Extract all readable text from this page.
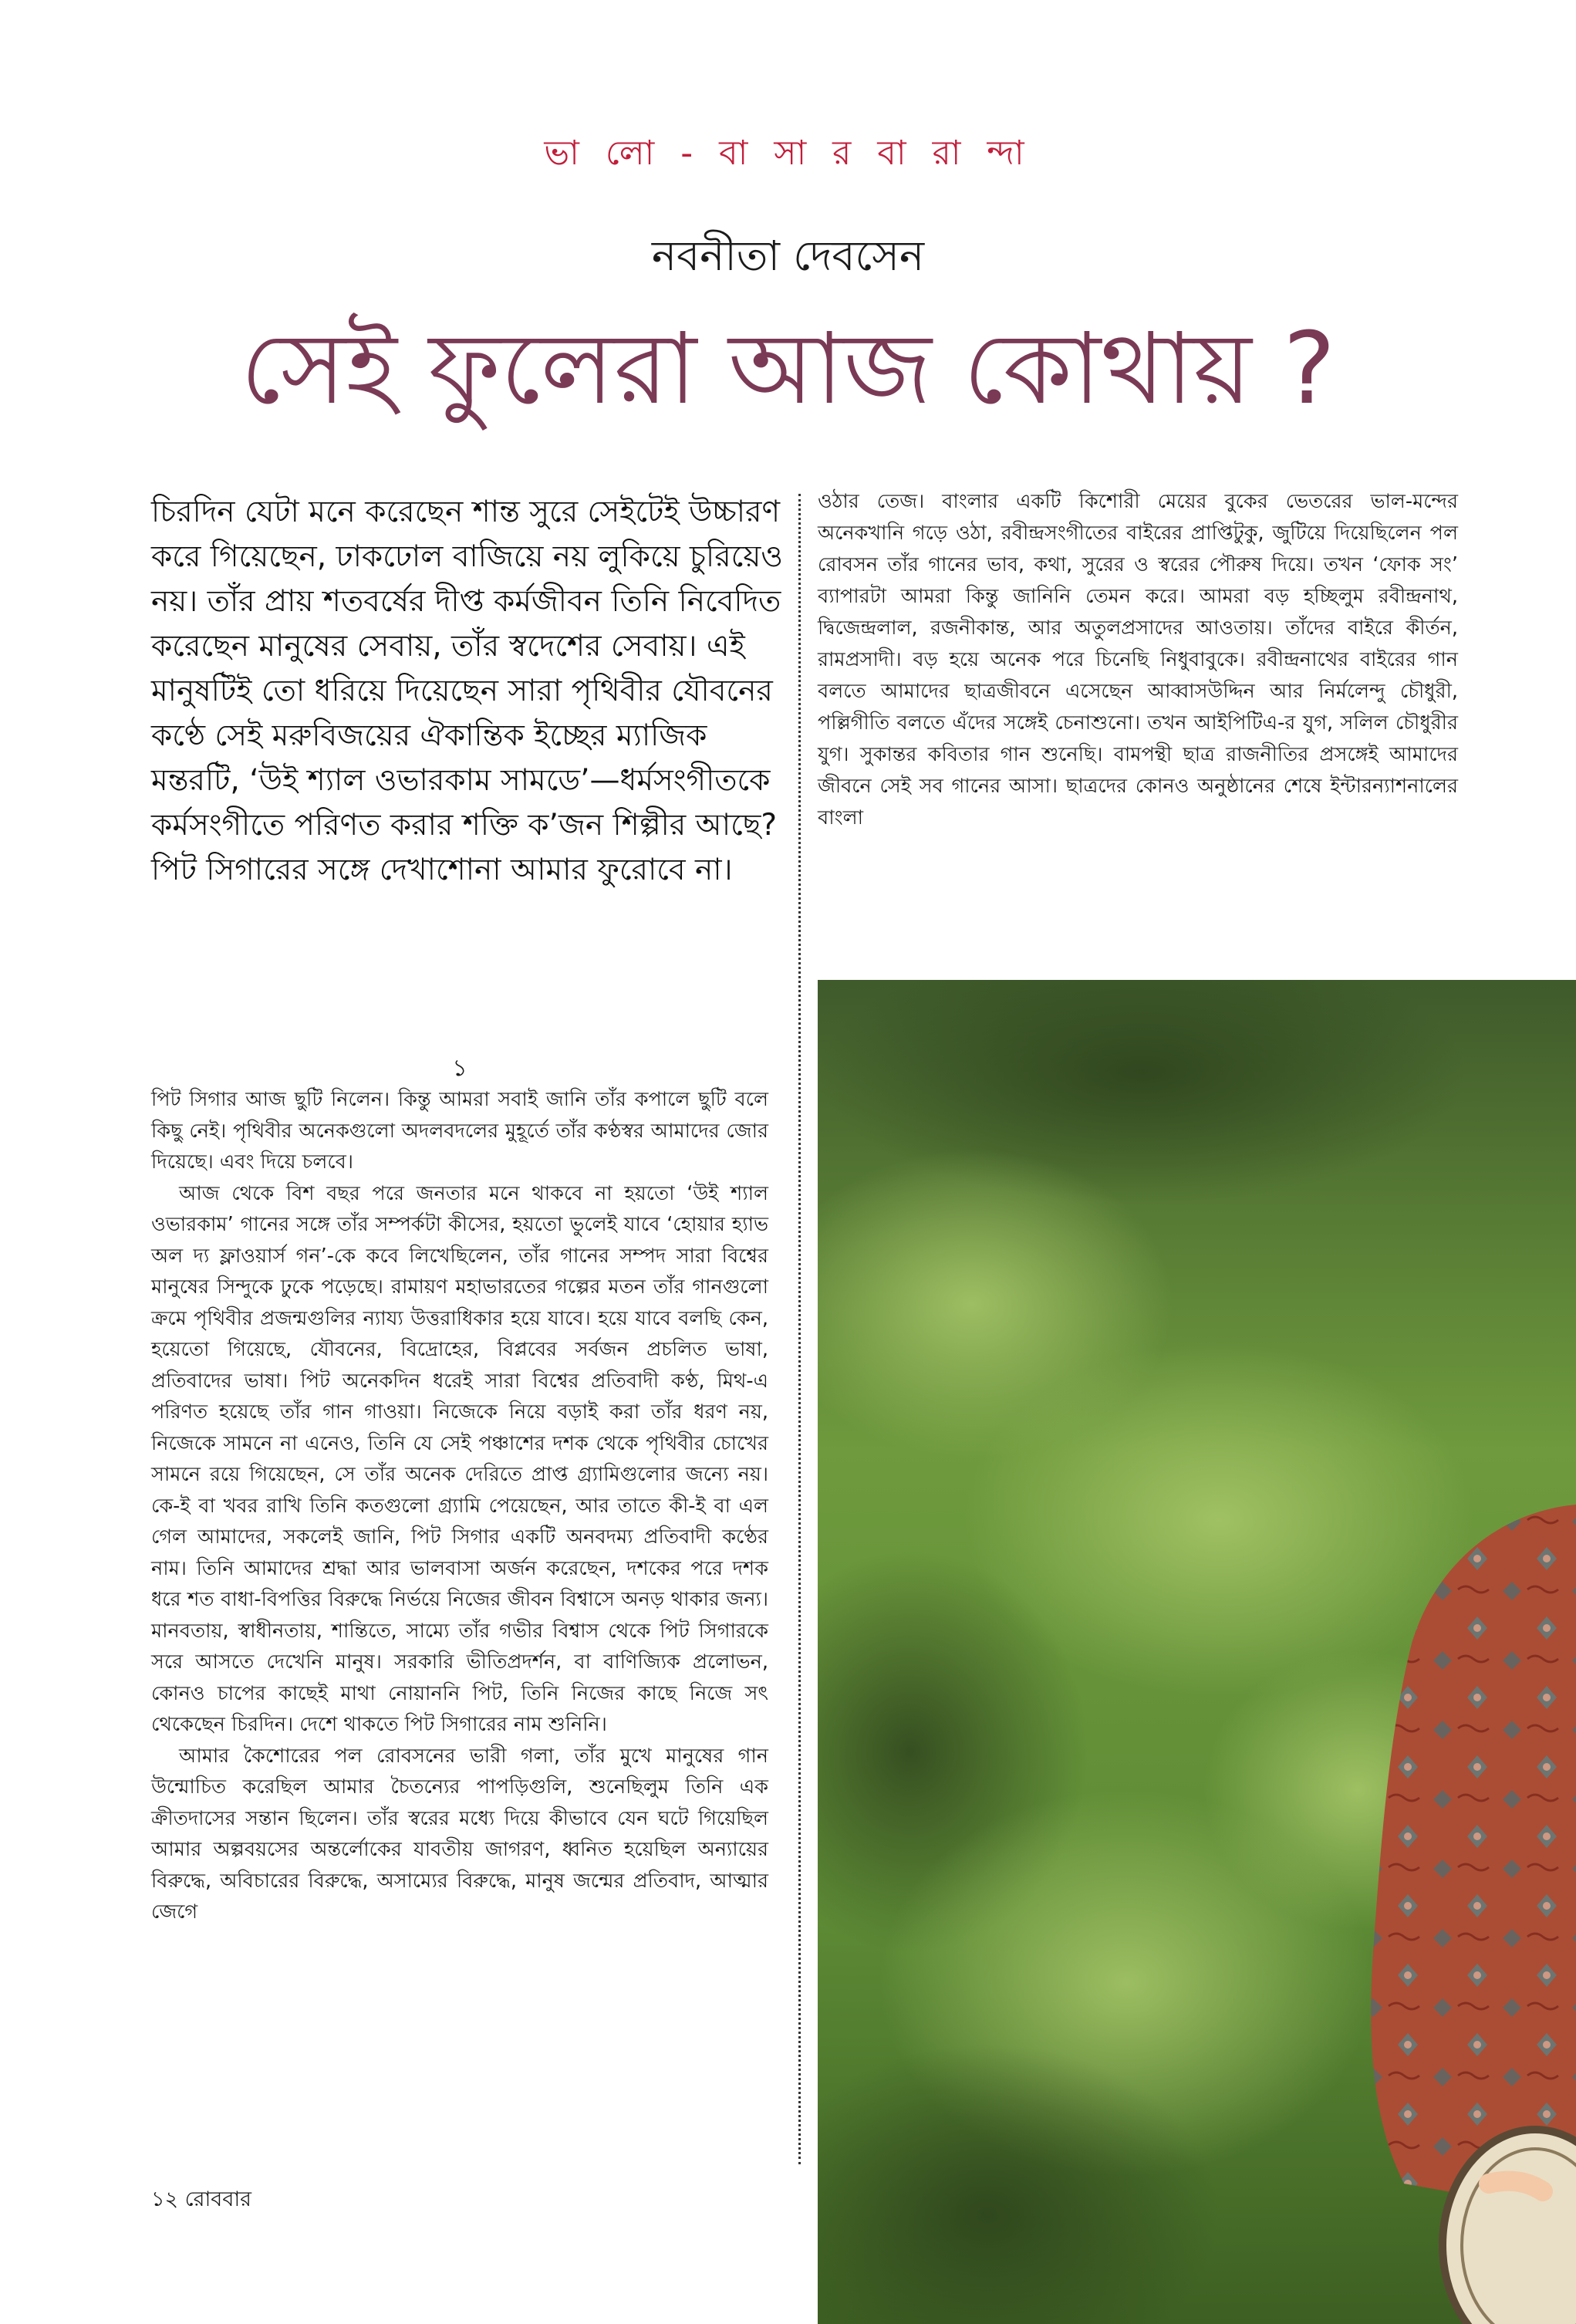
ভা লো - বা সা র বা রা ন্দা
নবনীতা দেবসেন
সেই ফুলেরা আজ কোথায় ?
চিরদিন যেটা মনে করেছেন শান্ত সুরে সেইটেই উচ্চারণ করে গিয়েছেন, ঢাকঢোল বাজিয়ে নয় লুকিয়ে চুরিয়েও নয়। তাঁর প্রায় শতবর্ষের দীপ্ত কর্মজীবন তিনি নিবেদিত করেছেন মানুষের সেবায়, তাঁর স্বদেশের সেবায়। এই মানুষটিই তো ধরিয়ে দিয়েছেন সারা পৃথিবীর যৌবনের কণ্ঠে সেই মরুবিজয়ের ঐকান্তিক ইচ্ছের ম্যাজিক মন্তরটি, ‘উই শ্যাল ওভারকাম সামডে’—ধর্মসংগীতকে কর্মসংগীতে পরিণত করার শক্তি ক’জন শিল্পীর আছে? পিট সিগারের সঙ্গে দেখাশোনা আমার ফুরোবে না।
১

পিট সিগার আজ ছুটি নিলেন। কিন্তু আমরা সবাই জানি তাঁর কপালে ছুটি বলে কিছু নেই। পৃথিবীর অনেকগুলো অদলবদলের মুহূর্তে তাঁর কণ্ঠস্বর আমাদের জোর দিয়েছে। এবং দিয়ে চলবে।

আজ থেকে বিশ বছর পরে জনতার মনে থাকবে না হয়তো ‘উই শ্যাল ওভারকাম’ গানের সঙ্গে তাঁর সম্পর্কটা কীসের, হয়তো ভুলেই যাবে ‘হোয়ার হ্যাভ অল দ্য ফ্লাওয়ার্স গন’-কে কবে লিখেছিলেন, তাঁর গানের সম্পদ সারা বিশ্বের মানুষের সিন্দুকে ঢুকে পড়েছে। রামায়ণ মহাভারতের গল্পের মতন তাঁর গানগুলো ক্রমে পৃথিবীর প্রজন্মগুলির ন্যায্য উত্তরাধিকার হয়ে যাবে। হয়ে যাবে বলছি কেন, হয়েতো গিয়েছে, যৌবনের, বিদ্রোহের, বিপ্লবের সর্বজন প্রচলিত ভাষা, প্রতিবাদের ভাষা। পিট অনেকদিন ধরেই সারা বিশ্বের প্রতিবাদী কণ্ঠ, মিথ-এ পরিণত হয়েছে তাঁর গান গাওয়া। নিজেকে নিয়ে বড়াই করা তাঁর ধরণ নয়, নিজেকে সামনে না এনেও, তিনি যে সেই পঞ্চাশের দশক থেকে পৃথিবীর চোখের সামনে রয়ে গিয়েছেন, সে তাঁর অনেক দেরিতে প্রাপ্ত গ্র্যামিগুলোর জন্যে নয়। কে-ই বা খবর রাখি তিনি কতগুলো গ্র্যামি পেয়েছেন, আর তাতে কী-ই বা এল গেল আমাদের, সকলেই জানি, পিট সিগার একটি অনবদম্য প্রতিবাদী কণ্ঠের নাম। তিনি আমাদের শ্রদ্ধা আর ভালবাসা অর্জন করেছেন, দশকের পরে দশক ধরে শত বাধা-বিপত্তির বিরুদ্ধে নির্ভয়ে নিজের জীবন বিশ্বাসে অনড় থাকার জন্য। মানবতায়, স্বাধীনতায়, শান্তিতে, সাম্যে তাঁর গভীর বিশ্বাস থেকে পিট সিগারকে সরে আসতে দেখেনি মানুষ। সরকারি ভীতিপ্রদর্শন, বা বাণিজ্যিক প্রলোভন, কোনও চাপের কাছেই মাথা নোয়াননি পিট, তিনি নিজের কাছে নিজে সৎ থেকেছেন চিরদিন। দেশে থাকতে পিট সিগারের নাম শুনিনি।

আমার কৈশোরের পল রোবসনের ভারী গলা, তাঁর মুখে মানুষের গান উন্মোচিত করেছিল আমার চৈতন্যের পাপড়িগুলি, শুনেছিলুম তিনি এক ক্রীতদাসের সন্তান ছিলেন। তাঁর স্বরের মধ্যে দিয়ে কীভাবে যেন ঘটে গিয়েছিল আমার অল্পবয়সের অন্তর্লোকের যাবতীয় জাগরণ, ধ্বনিত হয়েছিল অন্যায়ের বিরুদ্ধে, অবিচারের বিরুদ্ধে, অসাম্যের বিরুদ্ধে, মানুষ জন্মের প্রতিবাদ, আত্মার জেগে

ওঠার তেজ। বাংলার একটি কিশোরী মেয়ের বুকের ভেতরের ভাল-মন্দের অনেকখানি গড়ে ওঠা, রবীন্দ্রসংগীতের বাইরের প্রাপ্তিটুকু, জুটিয়ে দিয়েছিলেন পল রোবসন তাঁর গানের ভাব, কথা, সুরের ও স্বরের পৌরুষ দিয়ে। তখন ‘ফোক সং’ ব্যাপারটা আমরা কিন্তু জানিনি তেমন করে। আমরা বড় হচ্ছিলুম রবীন্দ্রনাথ, দ্বিজেন্দ্রলাল, রজনীকান্ত, আর অতুলপ্রসাদের আওতায়। তাঁদের বাইরে কীর্তন, রামপ্রসাদী। বড় হয়ে অনেক পরে চিনেছি নিধুবাবুকে। রবীন্দ্রনাথের বাইরের গান বলতে আমাদের ছাত্রজীবনে এসেছেন আব্বাসউদ্দিন আর নির্মলেন্দু চৌধুরী, পল্লিগীতি বলতে এঁদের সঙ্গেই চেনাশুনো। তখন আইপিটিএ-র যুগ, সলিল চৌধুরীর যুগ। সুকান্তর কবিতার গান শুনেছি। বামপন্থী ছাত্র রাজনীতির প্রসঙ্গেই আমাদের জীবনে সেই সব গানের আসা। ছাত্রদের কোনও অনুষ্ঠানের শেষে ইন্টারন্যাশনালের বাংলা

১২ রোববার
